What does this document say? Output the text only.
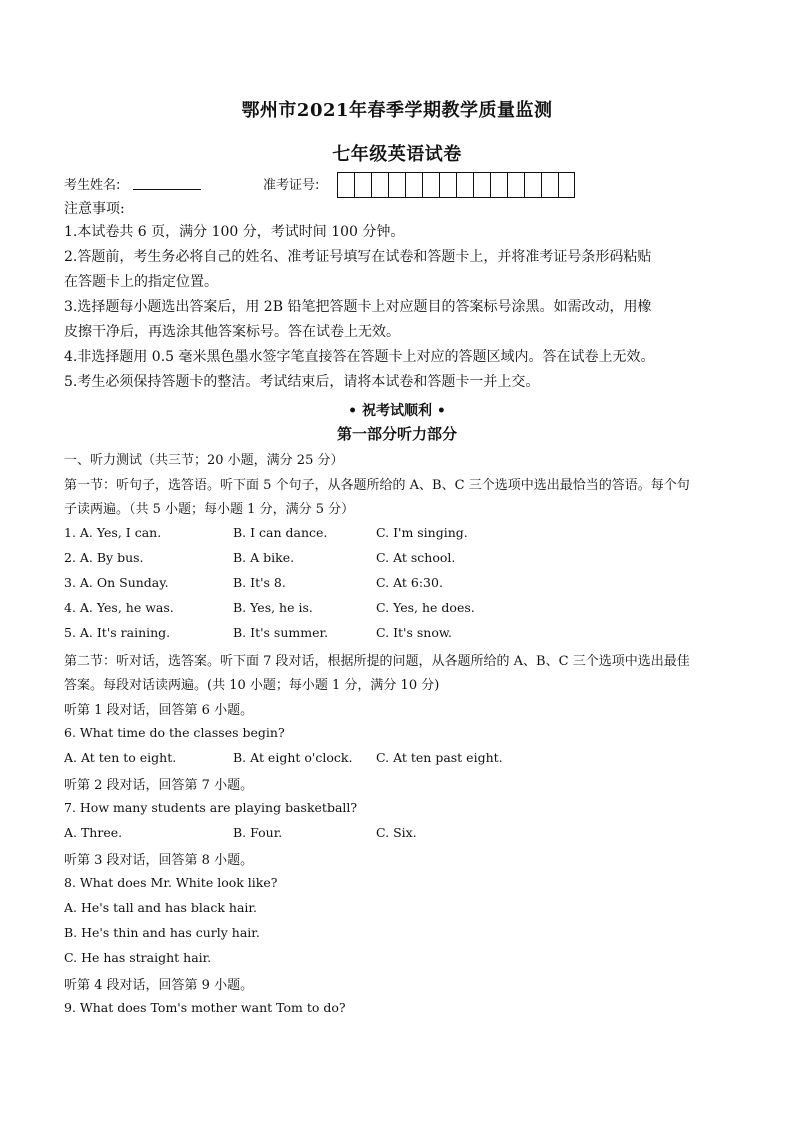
鄂州市2021年春季学期教学质量监测
七年级英语试卷
考生姓名:	准考证号:
注意事项:
1.本试卷共 6 页，满分 100 分，考试时间 100 分钟。
2.答题前，考生务必将自己的姓名、准考证号填写在试卷和答题卡上，并将准考证号条形码粘贴
在答题卡上的指定位置。
3.选择题每小题选出答案后，用 2B 铅笔把答题卡上对应题目的答案标号涂黑。如需改动，用橡
皮擦干净后，再选涂其他答案标号。答在试卷上无效。
4.非选择题用 0.5 毫米黑色墨水签字笔直接答在答题卡上对应的答题区域内。答在试卷上无效。
5.考生必须保持答题卡的整洁。考试结束后，请将本试卷和答题卡一并上交。
• 祝考试顺利 •
第一部分听力部分
一、听力测试（共三节；20 小题，满分 25 分）
第一节：听句子，选答语。听下面 5 个句子，从各题所给的 A、B、C 三个选项中选出最恰当的答语。每个句
子读两遍。（共 5 小题；每小题 1 分，满分 5 分）
1. A. Yes, I can.	B. I can dance.	C. I'm singing.
2. A. By bus.	B. A bike.	C. At school.
3. A. On Sunday.	B. It's 8.	C. At 6:30.
4. A. Yes, he was.	B. Yes, he is.	C. Yes, he does.
5. A. It's raining.	B. It's summer.	C. It's snow.
第二节：听对话，选答案。听下面 7 段对话，根据所提的问题，从各题所给的 A、B、C 三个选项中选出最佳
答案。每段对话读两遍。(共 10 小题；每小题 1 分，满分 10 分)
听第 1 段对话，回答第 6 小题。
6. What time do the classes begin?
A. At ten to eight.	B. At eight o'clock. C. At ten past eight.
听第 2 段对话，回答第 7 小题。
7. How many students are playing basketball?
A. Three.	B. Four.	C. Six.
听第 3 段对话，回答第 8 小题。
8. What does Mr. White look like?
A. He's tall and has black hair.
B. He's thin and has curly hair.
C. He has straight hair.
听第 4 段对话，回答第 9 小题。
9. What does Tom's mother want Tom to do?
